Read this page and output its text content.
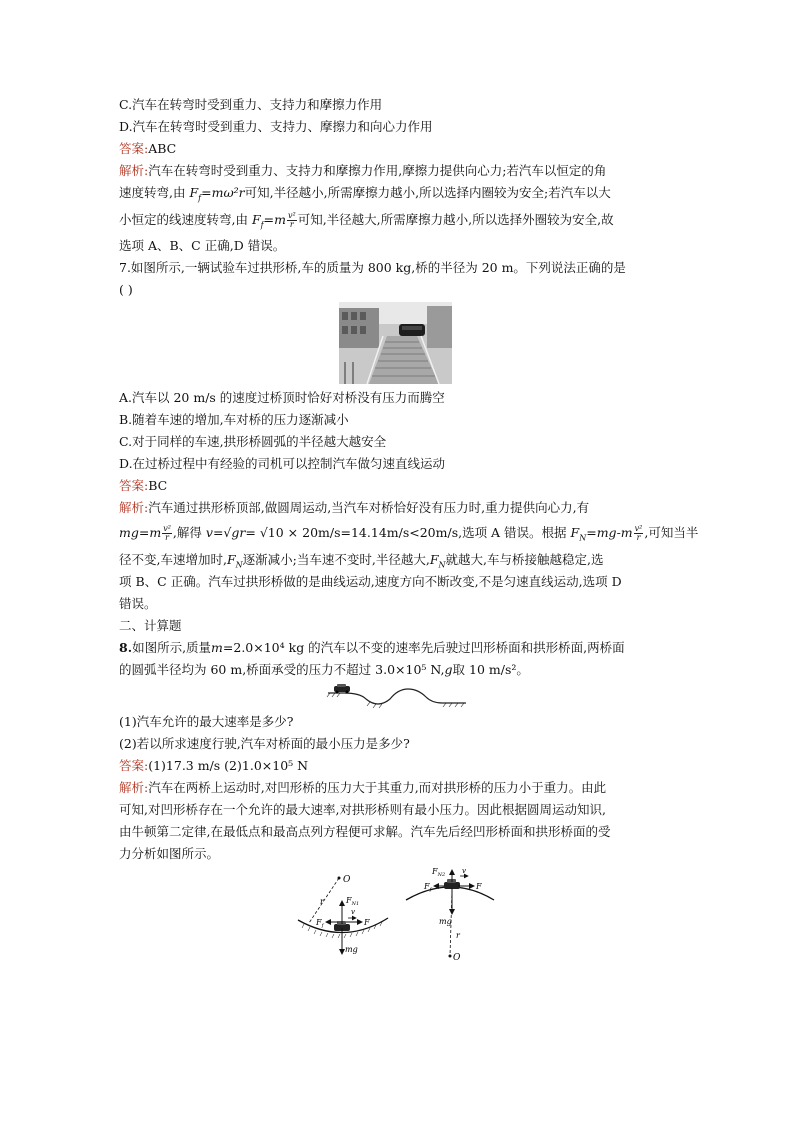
C.汽车在转弯时受到重力、支持力和摩擦力作用
D.汽车在转弯时受到重力、支持力、摩擦力和向心力作用
答案:ABC
解析:汽车在转弯时受到重力、支持力和摩擦力作用,摩擦力提供向心力;若汽车以恒定的角
速度转弯,由 $F_f=m\omega^2r$可知,半径越小,所需摩擦力越小,所以选择内圈较为安全;若汽车以大
小恒定的线速度转弯,由 $F_f=m \frac{\text{v²}}{r}$ 可知,半径越大,所需摩擦力越小,所以选择外圈较为安全,故
选项 A、B、C 正确,D 错误。
7.如图所示,一辆试验车过拱形桥,车的质量为 800 kg,桥的半径为 20 m。下列说法正确的是
( )
A.汽车以 20 m/s 的速度过桥顶时恰好对桥没有压力而腾空
B.随着车速的增加,车对桥的压力逐渐减小
C.对于同样的车速,拱形桥圆弧的半径越大越安全
D.在过桥过程中有经验的司机可以控制汽车做匀速直线运动
答案:BC
解析:汽车通过拱形桥顶部,做圆周运动,当汽车对桥恰好没有压力时,重力提供向心力,有
$mg=m \frac{\text{v²}}{r}$ ,解得 v=√gr= √10 × 20m/s=14.14m/s<20m/s,选项 A 错误。根据 $F_N=mg-m \frac{\text{v²}}{r}$ ,可知当半
径不变,车速增加时$,F_N$逐渐减小;当车速不变时,半径越大$,F_N$就越大,车与桥接触越稳定,选
项 B、C 正确。汽车过拱形桥做的是曲线运动,速度方向不断改变,不是匀速直线运动,选项 D
错误。
二、计算题
8.如图所示,质量m=2.0×10⁴ kg 的汽车以不变的速率先后驶过凹形桥面和拱形桥面,两桥面
的圆弧半径均为 60 m,桥面承受的压力不超过 3.0×10⁵ N,g取 10 m/s²。
(1)汽车允许的最大速率是多少?
(2)若以所求速度行驶,汽车对桥面的最小压力是多少?
答案:(1)17.3 m/s (2)1.0×10⁵ N
解析:汽车在两桥上运动时,对凹形桥的压力大于其重力,而对拱形桥的压力小于重力。由此
可知,对凹形桥存在一个允许的最大速率,对拱形桥则有最小压力。因此根据圆周运动知识,
由牛顿第二定律,在最低点和最高点列方程便可求解。汽车先后经凹形桥面和拱形桥面的受
力分析如图所示。
O
r	$F_{N1}$
v
F
$F_f$
mg
$F_{N2}$ v
F
$F_f$
mg
r
O
